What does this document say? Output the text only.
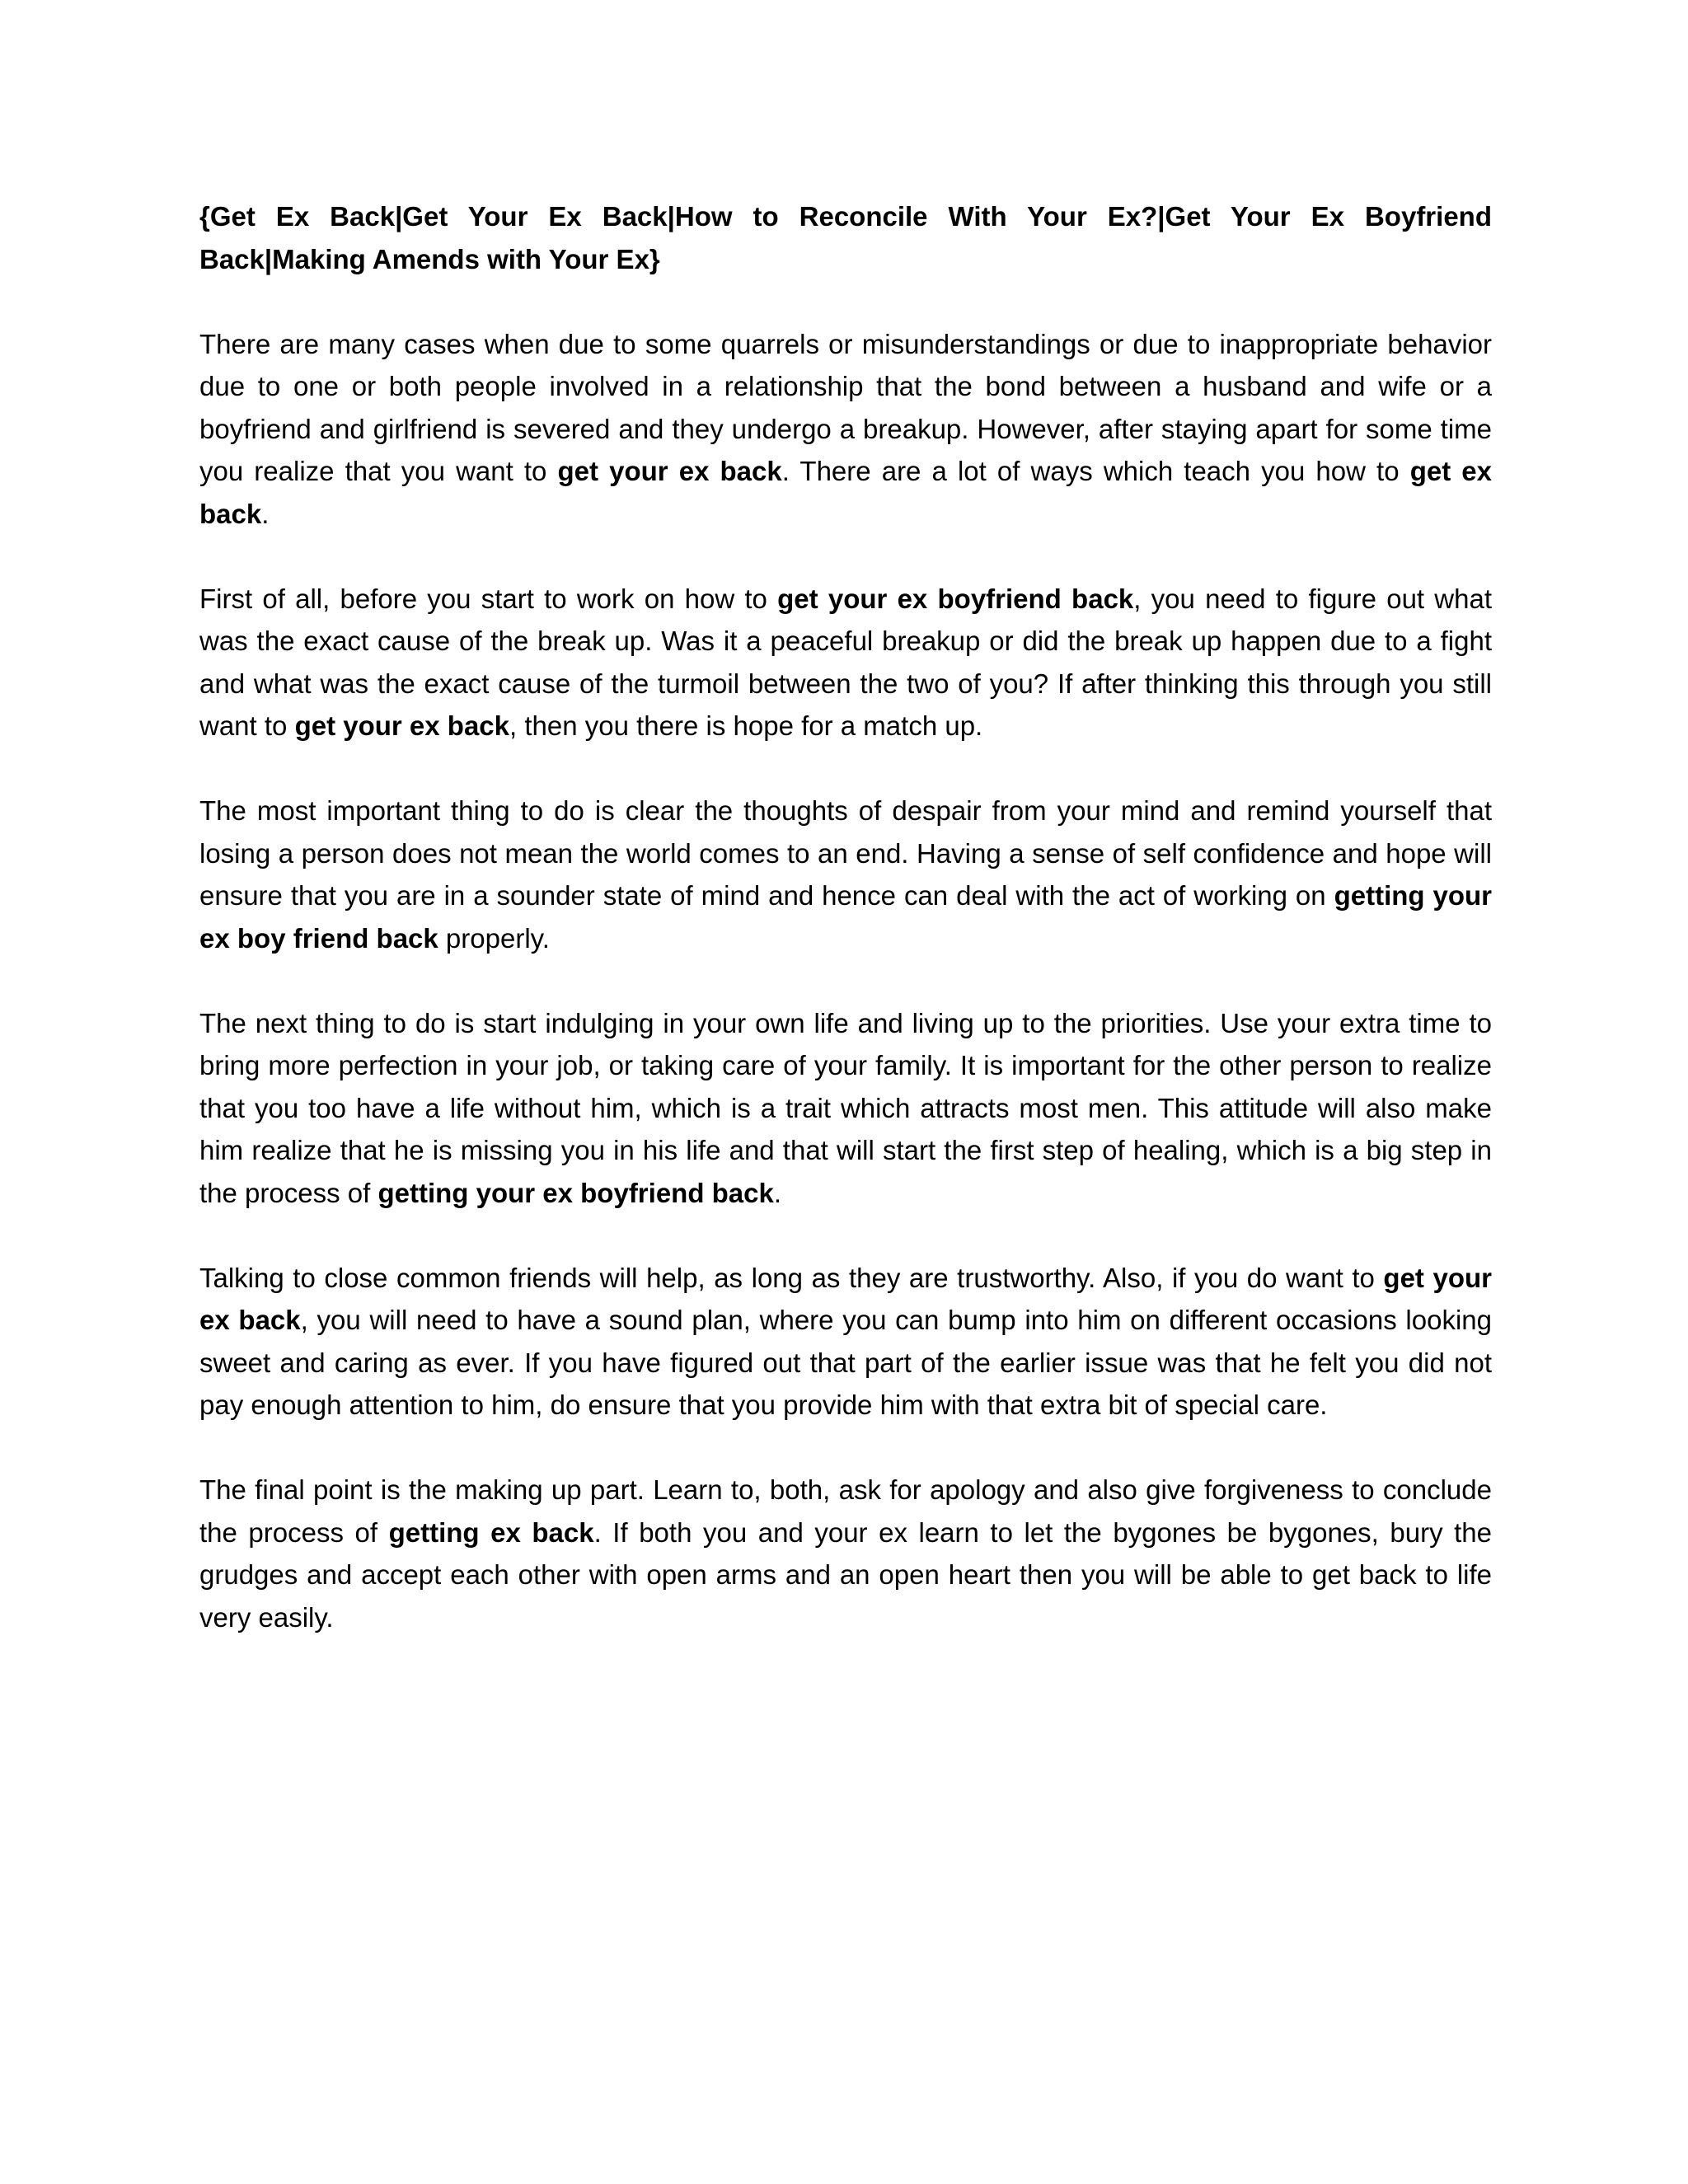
{Get Ex Back|Get Your Ex Back|How to Reconcile With Your Ex?|Get Your Ex Boyfriend Back|Making Amends with Your Ex}

There are many cases when due to some quarrels or misunderstandings or due to inappropriate behavior due to one or both people involved in a relationship that the bond between a husband and wife or a boyfriend and girlfriend is severed and they undergo a breakup. However, after staying apart for some time you realize that you want to get your ex back. There are a lot of ways which teach you how to get ex back.

First of all, before you start to work on how to get your ex boyfriend back, you need to figure out what was the exact cause of the break up. Was it a peaceful breakup or did the break up happen due to a fight and what was the exact cause of the turmoil between the two of you? If after thinking this through you still want to get your ex back, then you there is hope for a match up.

The most important thing to do is clear the thoughts of despair from your mind and remind yourself that losing a person does not mean the world comes to an end. Having a sense of self confidence and hope will ensure that you are in a sounder state of mind and hence can deal with the act of working on getting your ex boy friend back properly.

The next thing to do is start indulging in your own life and living up to the priorities. Use your extra time to bring more perfection in your job, or taking care of your family. It is important for the other person to realize that you too have a life without him, which is a trait which attracts most men. This attitude will also make him realize that he is missing you in his life and that will start the first step of healing, which is a big step in the process of getting your ex boyfriend back.

Talking to close common friends will help, as long as they are trustworthy. Also, if you do want to get your ex back, you will need to have a sound plan, where you can bump into him on different occasions looking sweet and caring as ever. If you have figured out that part of the earlier issue was that he felt you did not pay enough attention to him, do ensure that you provide him with that extra bit of special care.

The final point is the making up part. Learn to, both, ask for apology and also give forgiveness to conclude the process of getting ex back. If both you and your ex learn to let the bygones be bygones, bury the grudges and accept each other with open arms and an open heart then you will be able to get back to life very easily.
